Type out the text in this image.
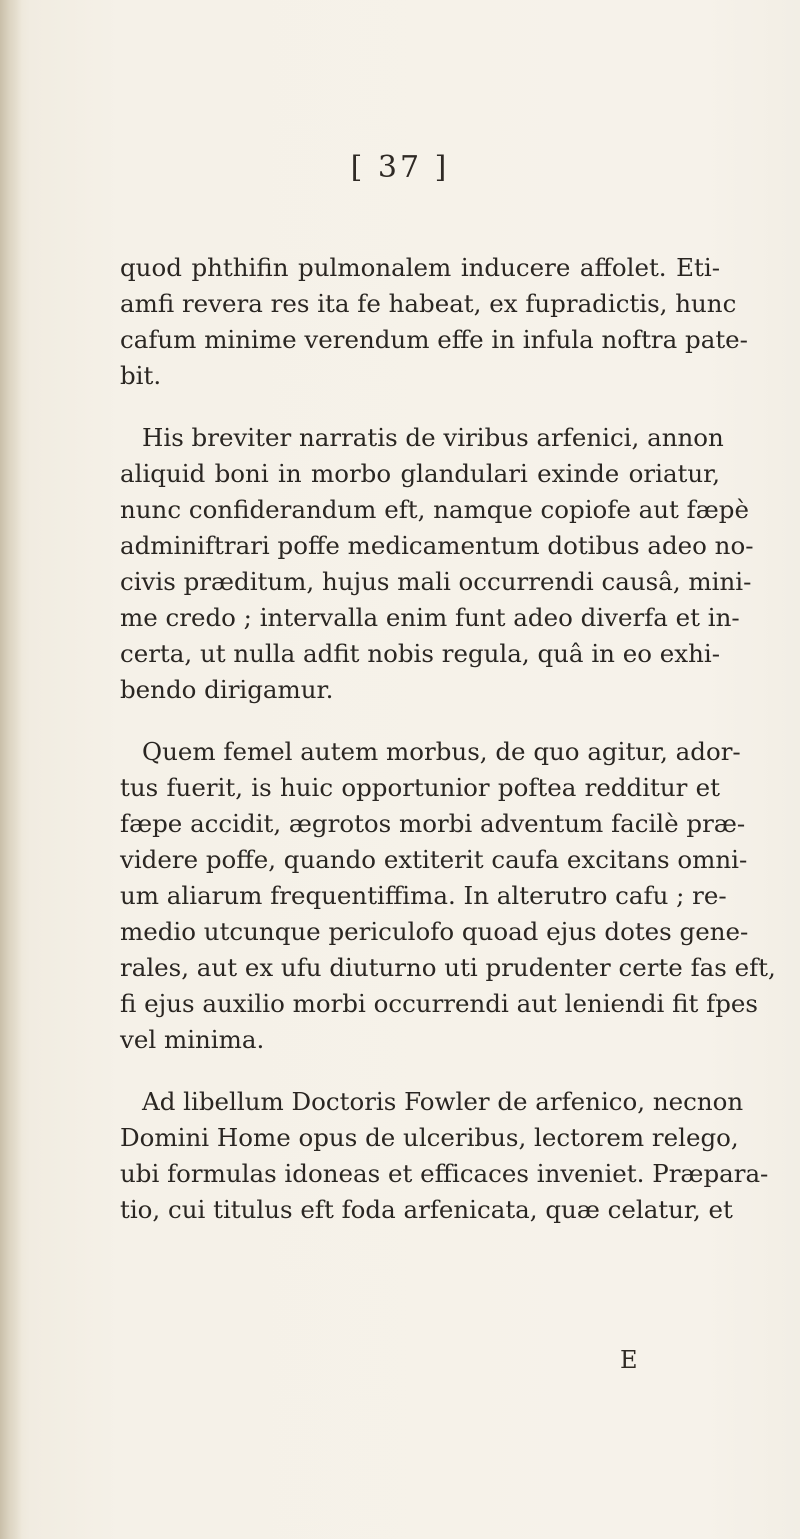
[ 37 ]
quod phthifin pulmonalem inducere affolet. Eti-
amfi revera res ita fe habeat, ex fupradictis, hunc
cafum minime verendum effe in infula noftra pate-
bit.
His breviter narratis de viribus arfenici, annon
aliquid boni in morbo glandulari exinde oriatur,
nunc confiderandum eft, namque copiofe aut fæpè
adminiftrari poffe medicamentum dotibus adeo no-
civis præditum, hujus mali occurrendi causâ, mini-
me credo ; intervalla enim funt adeo diverfa et in-
certa, ut nulla adfit nobis regula, quâ in eo exhi-
bendo dirigamur.
Quem femel autem morbus, de quo agitur, ador-
tus fuerit, is huic opportunior poftea redditur et
fæpe accidit, ægrotos morbi adventum facilè præ-
videre poffe, quando extiterit caufa excitans omni-
um aliarum frequentiffima. In alterutro cafu ; re-
medio utcunque periculofo quoad ejus dotes gene-
rales, aut ex ufu diuturno uti prudenter certe fas eft,
fi ejus auxilio morbi occurrendi aut leniendi fit fpes
vel minima.
Ad libellum Doctoris Fowler de arfenico, necnon
Domini Home opus de ulceribus, lectorem relego,
ubi formulas idoneas et efficaces inveniet. Præpara-
tio, cui titulus eft foda arfenicata, quæ celatur, et
E
